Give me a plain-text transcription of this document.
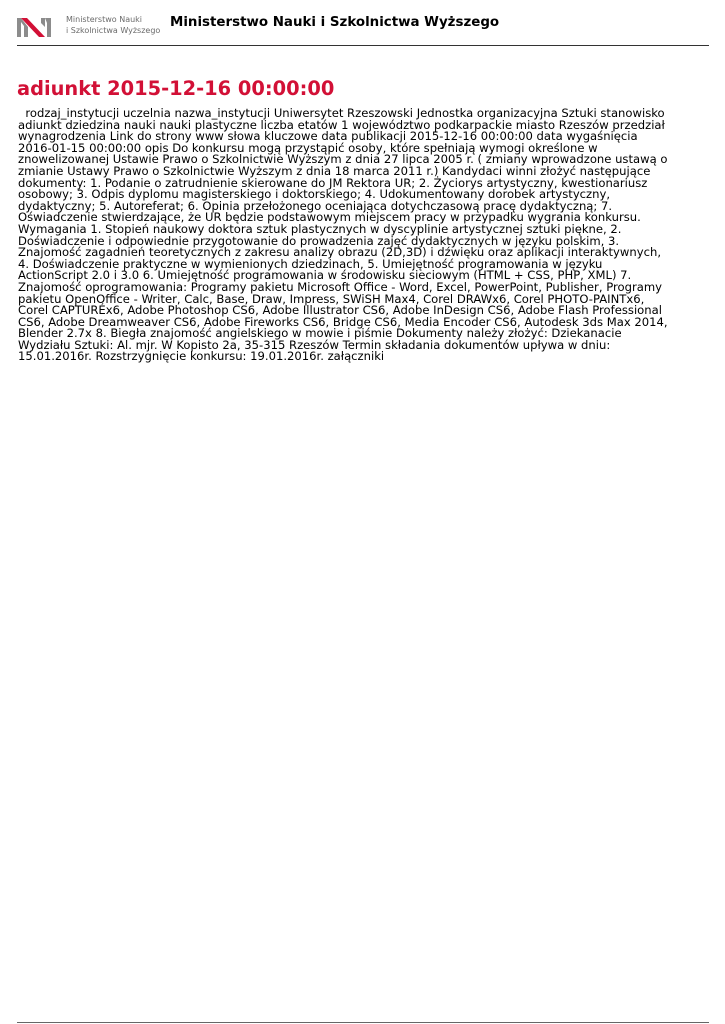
Ministerstwo Nauki
i Szkolnictwa Wyższego Ministerstwo Nauki i Szkolnictwa Wyższego
adiunkt 2015-12-16 00:00:00
rodzaj_instytucji uczelnia nazwa_instytucji Uniwersytet Rzeszowski Jednostka organizacyjna Sztuki stanowisko
adiunkt dziedzina nauki nauki plastyczne liczba etatów 1 województwo podkarpackie miasto Rzeszów przedział
wynagrodzenia Link do strony www słowa kluczowe data publikacji 2015-12-16 00:00:00 data wygaśnięcia
2016-01-15 00:00:00 opis Do konkursu mogą przystąpić osoby, które spełniają wymogi określone w
znowelizowanej Ustawie Prawo o Szkolnictwie Wyższym z dnia 27 lipca 2005 r. ( zmiany wprowadzone ustawą o
zmianie Ustawy Prawo o Szkolnictwie Wyższym z dnia 18 marca 2011 r.) Kandydaci winni złożyć następujące
dokumenty: 1. Podanie o zatrudnienie skierowane do JM Rektora UR; 2. Życiorys artystyczny, kwestionariusz
osobowy; 3. Odpis dyplomu magisterskiego i doktorskiego; 4. Udokumentowany dorobek artystyczny,
dydaktyczny; 5. Autoreferat; 6. Opinia przełożonego oceniająca dotychczasową pracę dydaktyczną; 7.
Oświadczenie stwierdzające, że UR będzie podstawowym miejscem pracy w przypadku wygrania konkursu.
Wymagania 1. Stopień naukowy doktora sztuk plastycznych w dyscyplinie artystycznej sztuki piękne, 2.
Doświadczenie i odpowiednie przygotowanie do prowadzenia zajęć dydaktycznych w języku polskim, 3.
Znajomość zagadnień teoretycznych z zakresu analizy obrazu (2D,3D) i dźwięku oraz aplikacji interaktywnych,
4. Doświadczenie praktyczne w wymienionych dziedzinach, 5. Umiejętność programowania w języku
ActionScript 2.0 i 3.0 6. Umiejętność programowania w środowisku sieciowym (HTML + CSS, PHP, XML) 7.
Znajomość oprogramowania: Programy pakietu Microsoft Office - Word, Excel, PowerPoint, Publisher, Programy
pakietu OpenOffice - Writer, Calc, Base, Draw, Impress, SWiSH Max4, Corel DRAWx6, Corel PHOTO-PAINTx6,
Corel CAPTURÉx6, Adobe Photoshop CS6, Adobe Illustrator CS6, Adobe InDesign CS6, Adobe Flash Professional
CS6, Adobe Dreamweaver CS6, Adobe Fireworks CS6, Bridge CS6, Media Encoder CS6, Autodesk 3ds Max 2014,
Blender 2.7x 8. Biegła znajomość angielskiego w mowie i piśmie Dokumenty należy złożyć: Dziekanacie
Wydziału Sztuki: Al. mjr. W Kopisto 2a, 35-315 Rzeszów Termin składania dokumentów upływa w dniu:
15.01.2016r. Rozstrzygnięcie konkursu: 19.01.2016r. załączniki
